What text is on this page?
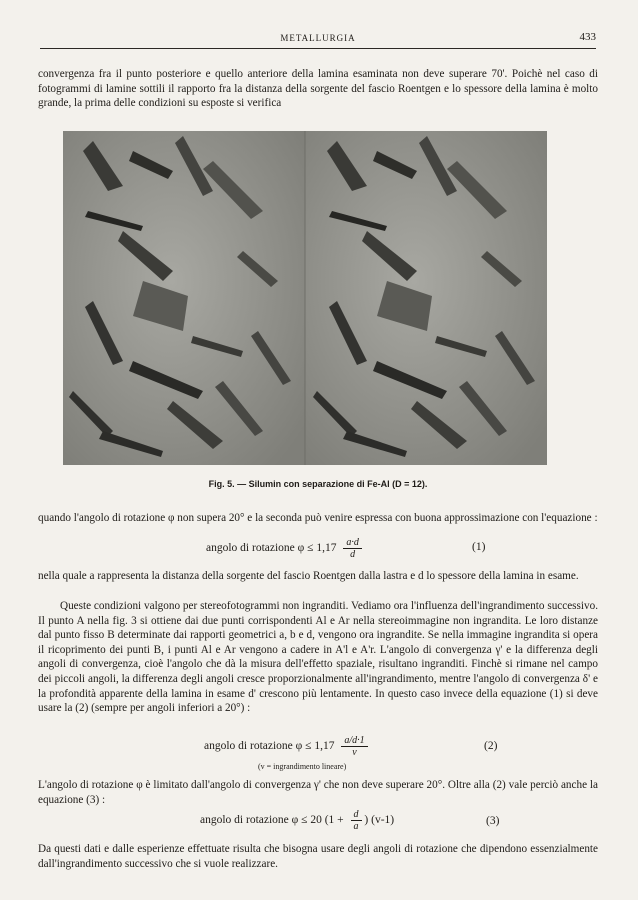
METALLURGIA	433

convergenza fra il punto posteriore e quello anteriore della lamina esaminata non deve superare 70'. Poichè nel caso di fotogrammi di lamine sottili il rapporto fra la distanza della sorgente del fascio Roentgen e lo spessore della lamina è molto grande, la prima delle condizioni su esposte si verifica

Fig. 5. — Silumin con separazione di Fe-Al (D = 12).

quando l'angolo di rotazione φ non supera 20° e la seconda può venire espressa con buona approssimazione con l'equazione :

angolo di rotazione $\varphi \le 1,17 \frac{a\cdot d}{d}$	(1)

nella quale a rappresenta la distanza della sorgente del fascio Roentgen dalla lastra e d lo spessore della lamina in esame.

Queste condizioni valgono per stereofotogrammi non ingranditi. Vediamo ora l'influenza dell'ingrandimento successivo. Il punto A nella fig. 3 si ottiene dai due punti corrispondenti Al e Ar nella stereoimmagine non ingrandita. Le loro distanze dal punto fisso B determinate dai rapporti geometrici a, b e d, vengono ora ingrandite. Se nella immagine ingrandita si opera il ricoprimento dei punti B, i punti Al e Ar vengono a cadere in A'l e A'r. L'angolo di convergenza γ' e la differenza degli angoli di convergenza, cioè l'angolo che dà la misura dell'effetto spaziale, risultano ingranditi. Finchè si rimane nel campo dei piccoli angoli, la differenza degli angoli cresce proporzionalmente all'ingrandimento, mentre l'angolo di convergenza δ' e la profondità apparente della lamina in esame d' crescono più lentamente. In questo caso invece della equazione (1) si deve usare la (2) (sempre per angoli inferiori a 20°) :

angolo di rotazione $\varphi \le 1,17 \frac{a/d\cdot 1}{v}$	(2)
(v = ingrandimento lineare)

L'angolo di rotazione φ è limitato dall'angolo di convergenza γ' che non deve superare 20°. Oltre alla (2) vale perciò anche la equazione (3) :

angolo di rotazione φ ≤ 20 ($1 + \frac{d}{a}$ ) (v-1)	(3)

Da questi dati e dalle esperienze effettuate risulta che bisogna usare degli angoli di rotazione che dipendono essenzialmente dall'ingrandimento successivo che si vuole realizzare.
